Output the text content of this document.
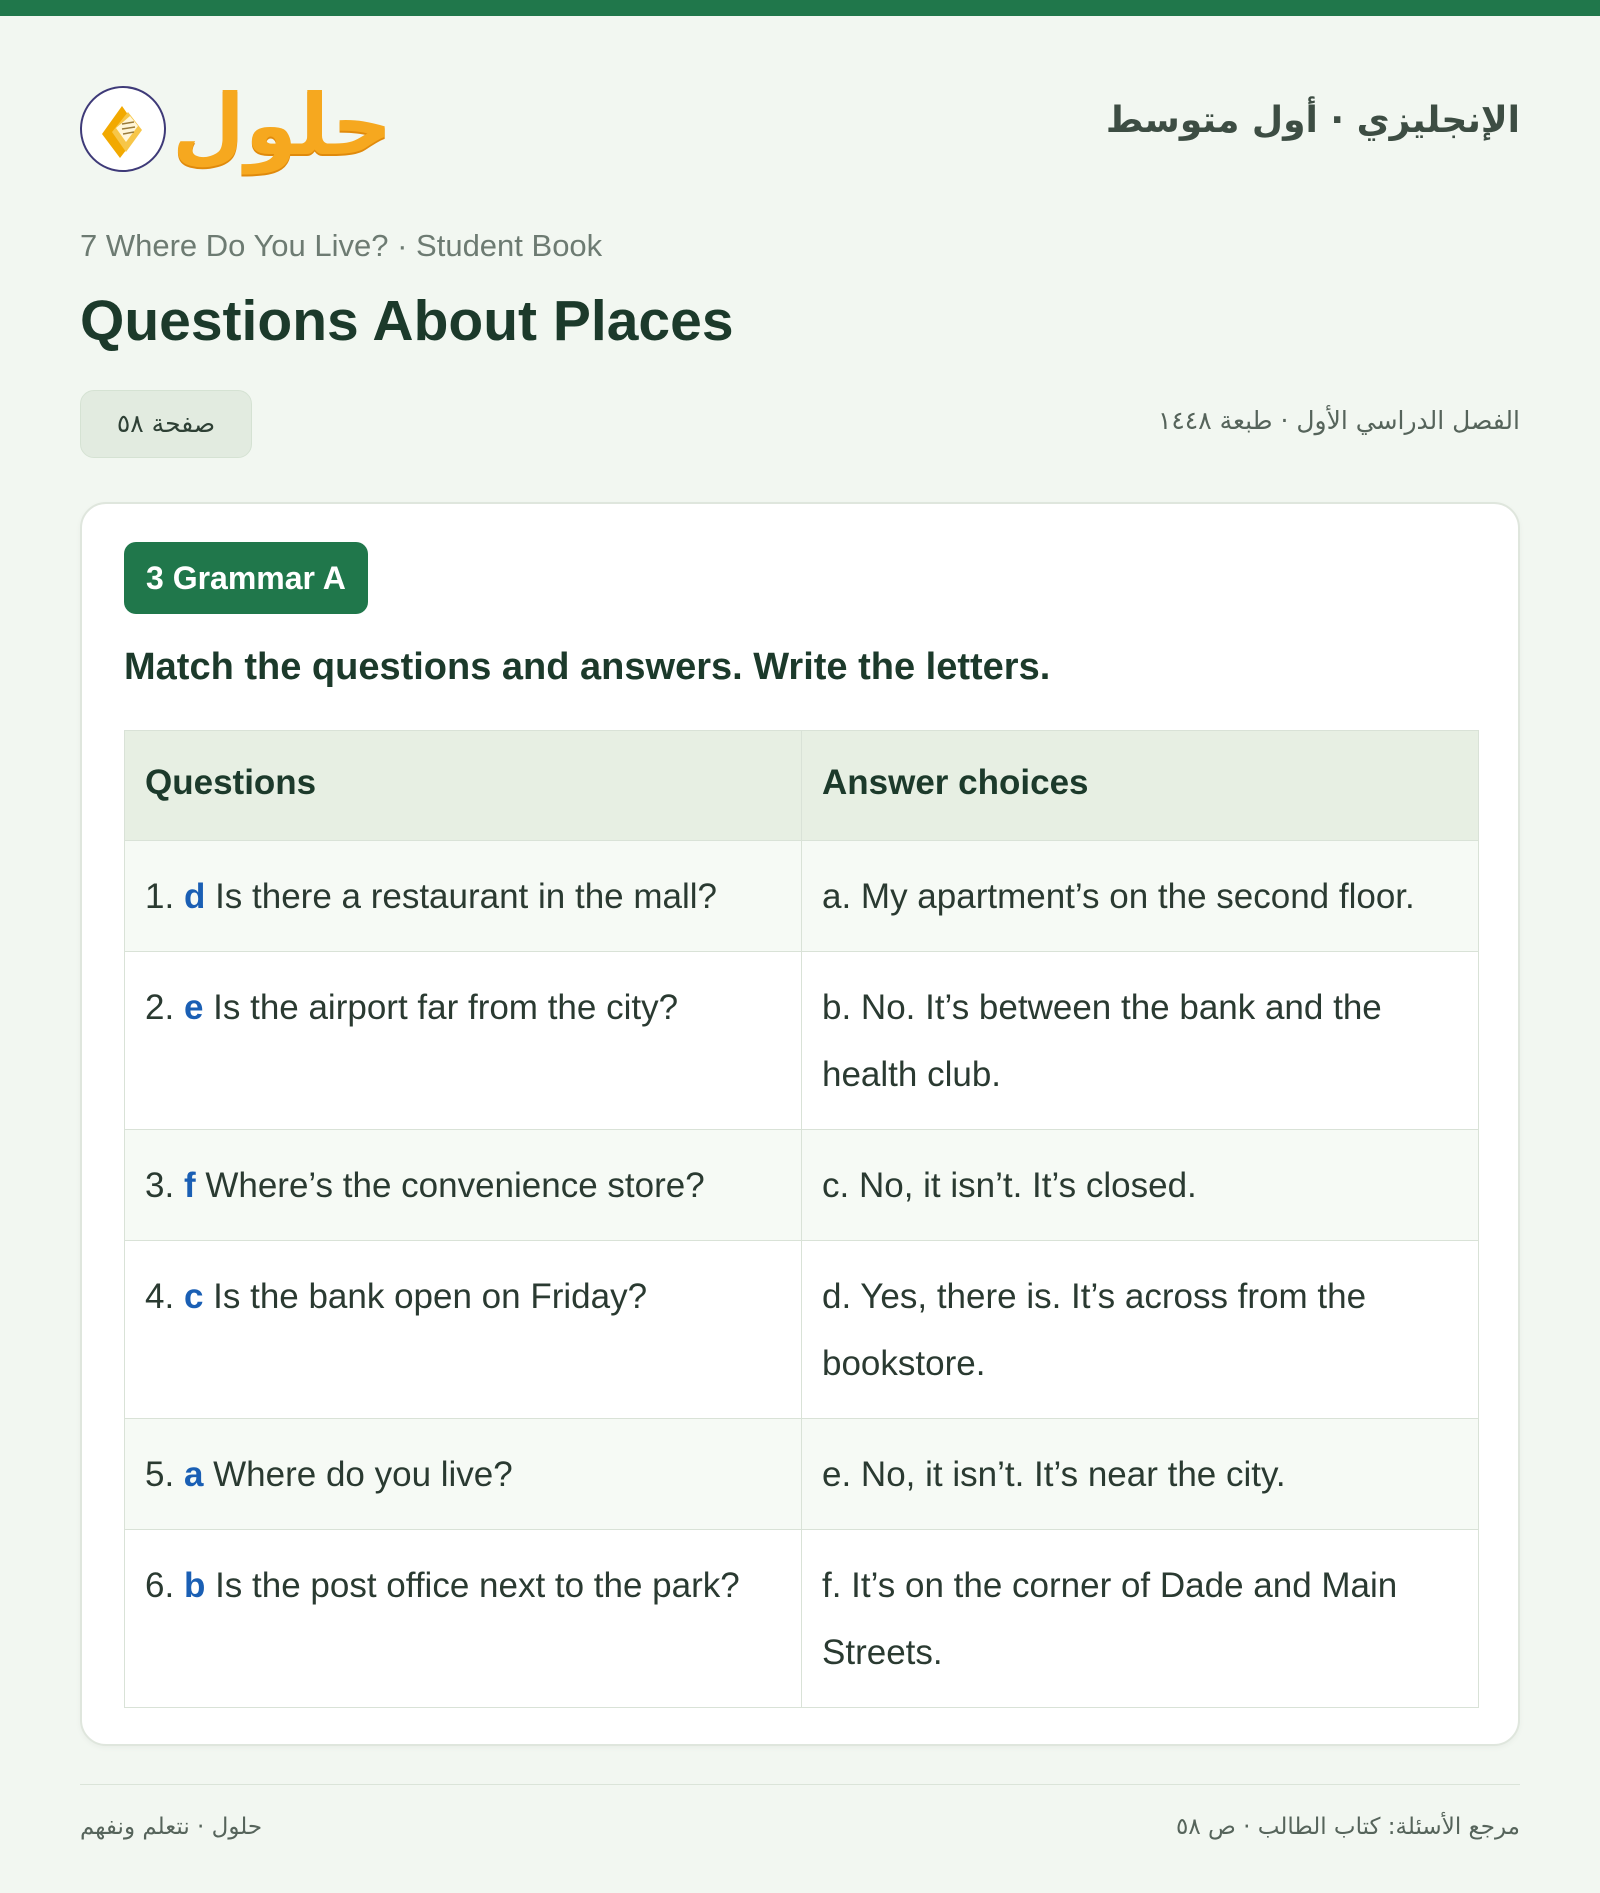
حلول	الإنجليزي · أول متوسط
7 Where Do You Live? · Student Book
Questions About Places
صفحة ٥٨	الفصل الدراسي الأول · طبعة ١٤٤٨
3 Grammar A
Match the questions and answers. Write the letters.
Questions	Answer choices
1. d Is there a restaurant in the mall?	a. My apartment’s on the second floor.
2. e Is the airport far from the city?	b. No. It’s between the bank and the health club.
3. f Where’s the convenience store?	c. No, it isn’t. It’s closed.
4. c Is the bank open on Friday?	d. Yes, there is. It’s across from the bookstore.
5. a Where do you live?	e. No, it isn’t. It’s near the city.
6. b Is the post office next to the park?	f. It’s on the corner of Dade and Main Streets.
حلول · نتعلم ونفهم	مرجع الأسئلة: كتاب الطالب · ص ٥٨
